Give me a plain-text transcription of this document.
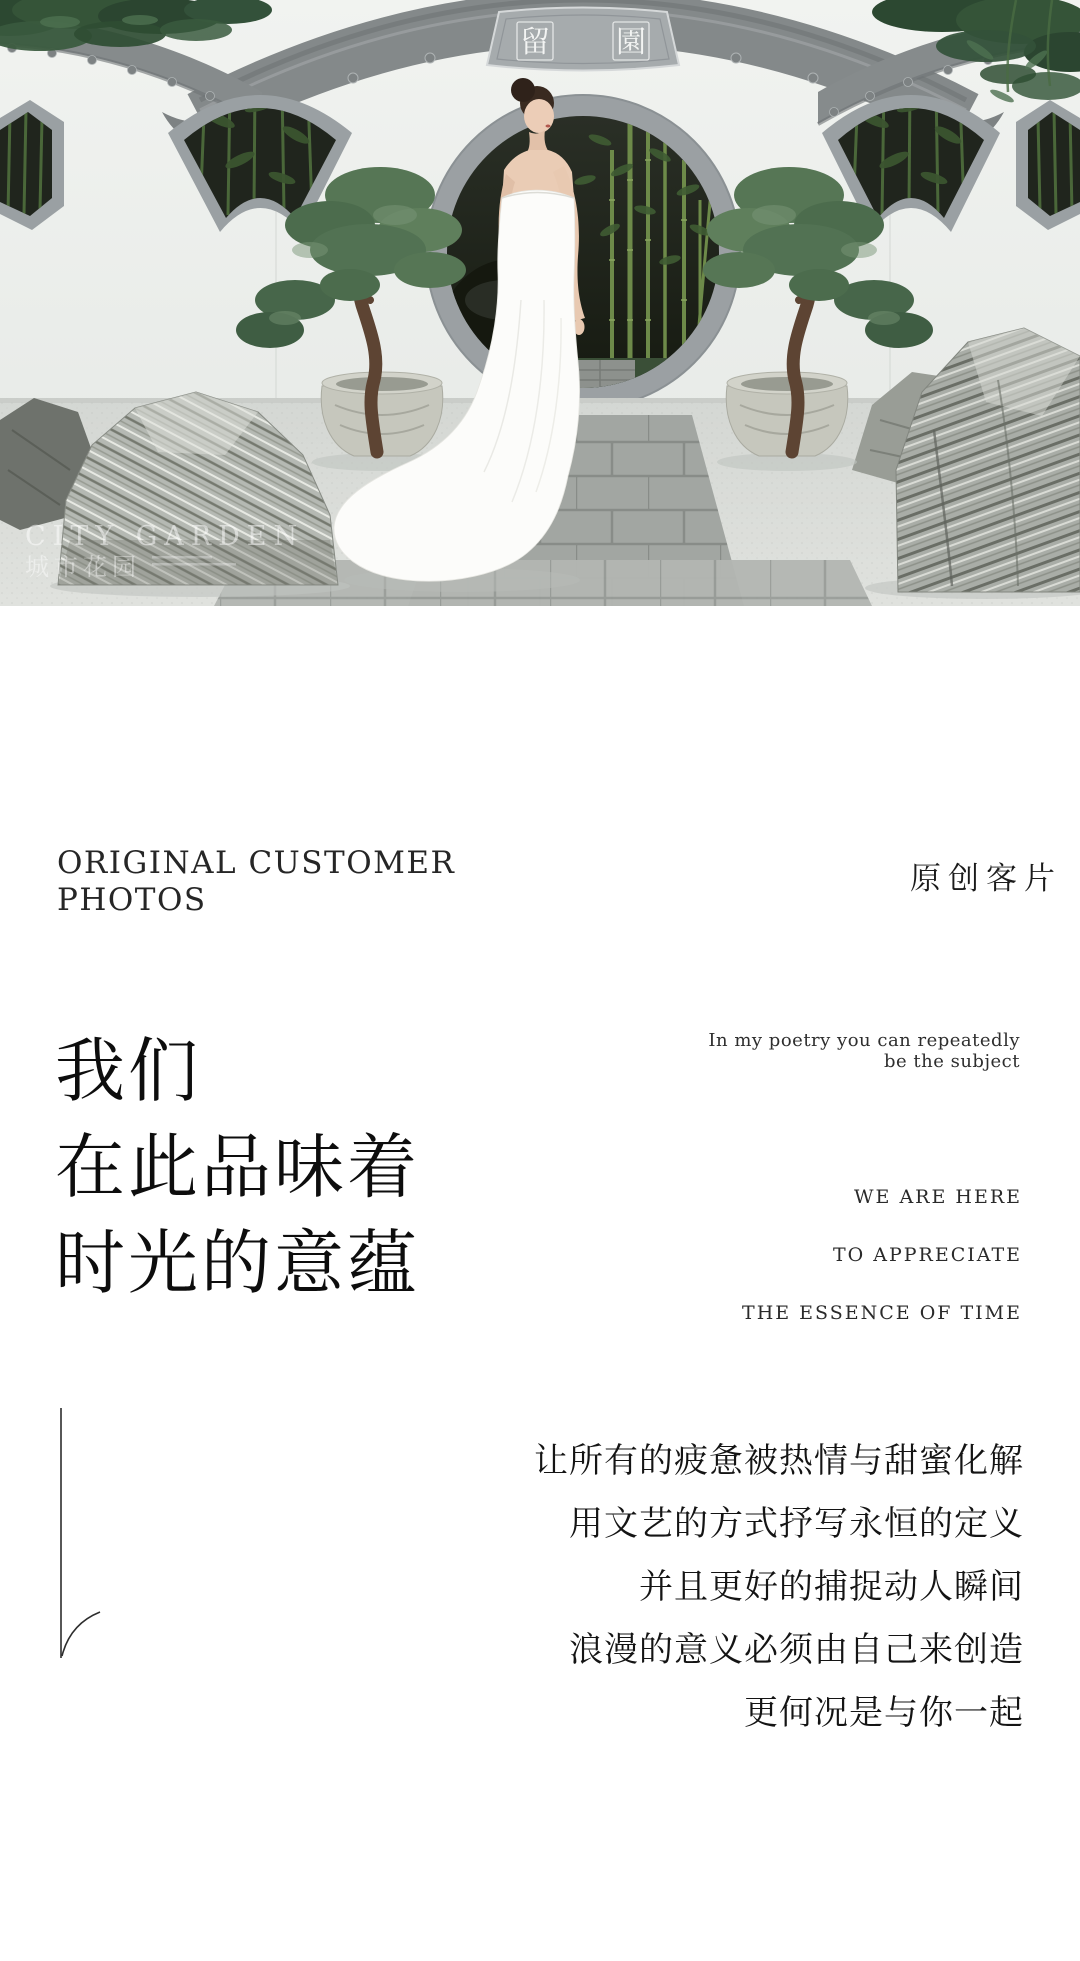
留 園
CITY GARDEN
城市花园
ORIGINAL CUSTOMER
PHOTOS
原创客片
我们
在此品味着
时光的意蕴
In my poetry you can repeatedly
be the subject
WE ARE HERE
TO APPRECIATE
THE ESSENCE OF TIME
让所有的疲惫被热情与甜蜜化解
用文艺的方式抒写永恒的定义
并且更好的捕捉动人瞬间
浪漫的意义必须由自己来创造
更何况是与你一起
